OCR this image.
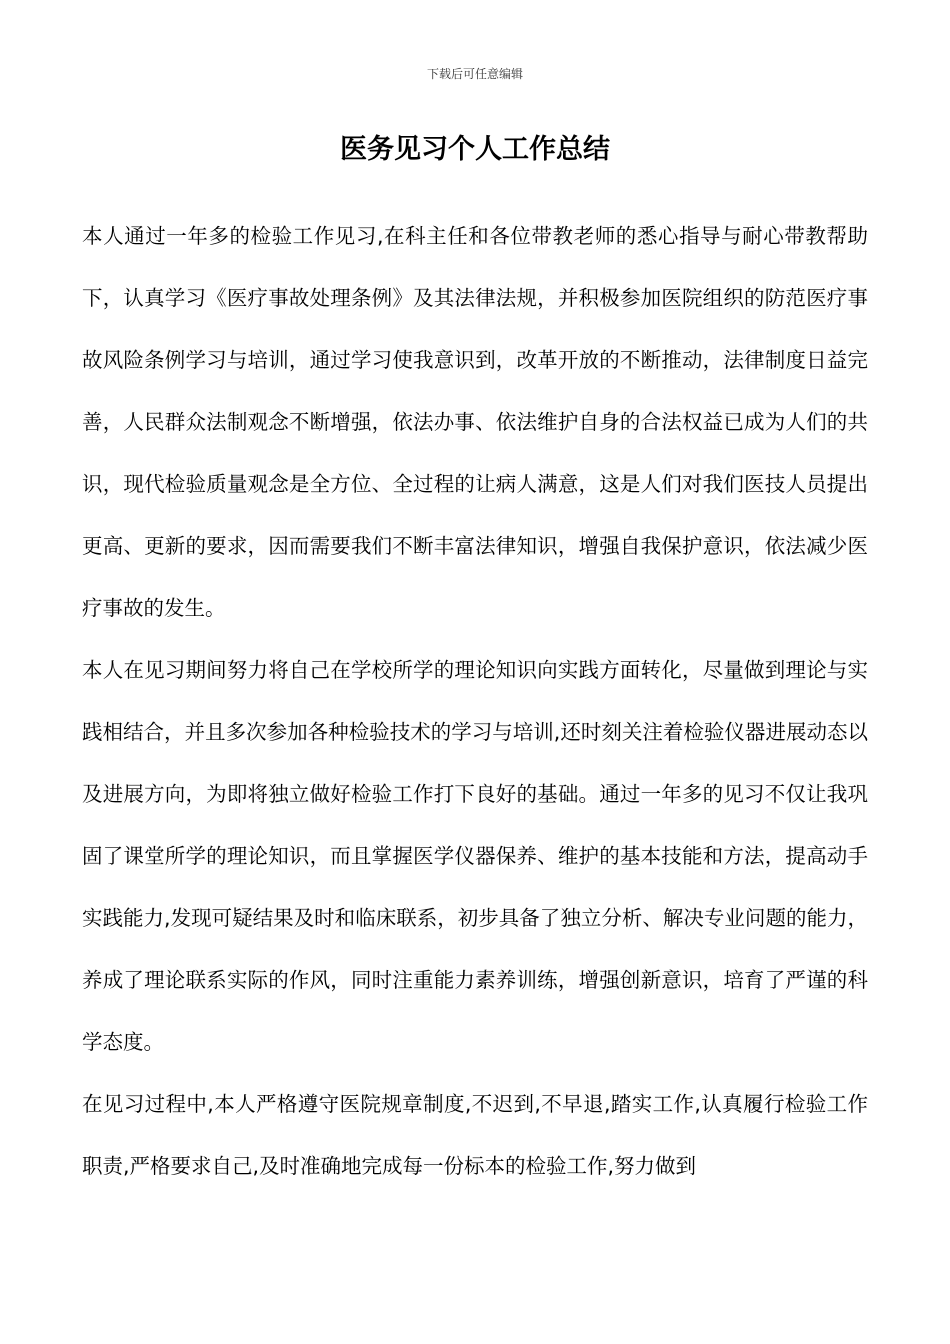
下载后可任意编辑
医务见习个人工作总结

本人通过一年多的检验工作见习,在科主任和各位带教老师的悉心指导与耐心带教帮助下，认真学习《医疗事故处理条例》及其法律法规，并积极参加医院组织的防范医疗事故风险条例学习与培训，通过学习使我意识到，改革开放的不断推动，法律制度日益完善，人民群众法制观念不断增强，依法办事、依法维护自身的合法权益已成为人们的共识，现代检验质量观念是全方位、全过程的让病人满意，这是人们对我们医技人员提出更高、更新的要求，因而需要我们不断丰富法律知识，增强自我保护意识，依法减少医疗事故的发生。

本人在见习期间努力将自己在学校所学的理论知识向实践方面转化，尽量做到理论与实践相结合，并且多次参加各种检验技术的学习与培训,还时刻关注着检验仪器进展动态以及进展方向，为即将独立做好检验工作打下良好的基础。通过一年多的见习不仅让我巩固了课堂所学的理论知识，而且掌握医学仪器保养、维护的基本技能和方法，提高动手实践能力,发现可疑结果及时和临床联系，初步具备了独立分析、解决专业问题的能力，养成了理论联系实际的作风，同时注重能力素养训练，增强创新意识，培育了严谨的科学态度。

在见习过程中,本人严格遵守医院规章制度,不迟到,不早退,踏实工作,认真履行检验工作职责,严格要求自己,及时准确地完成每一份标本的检验工作,努力做到
